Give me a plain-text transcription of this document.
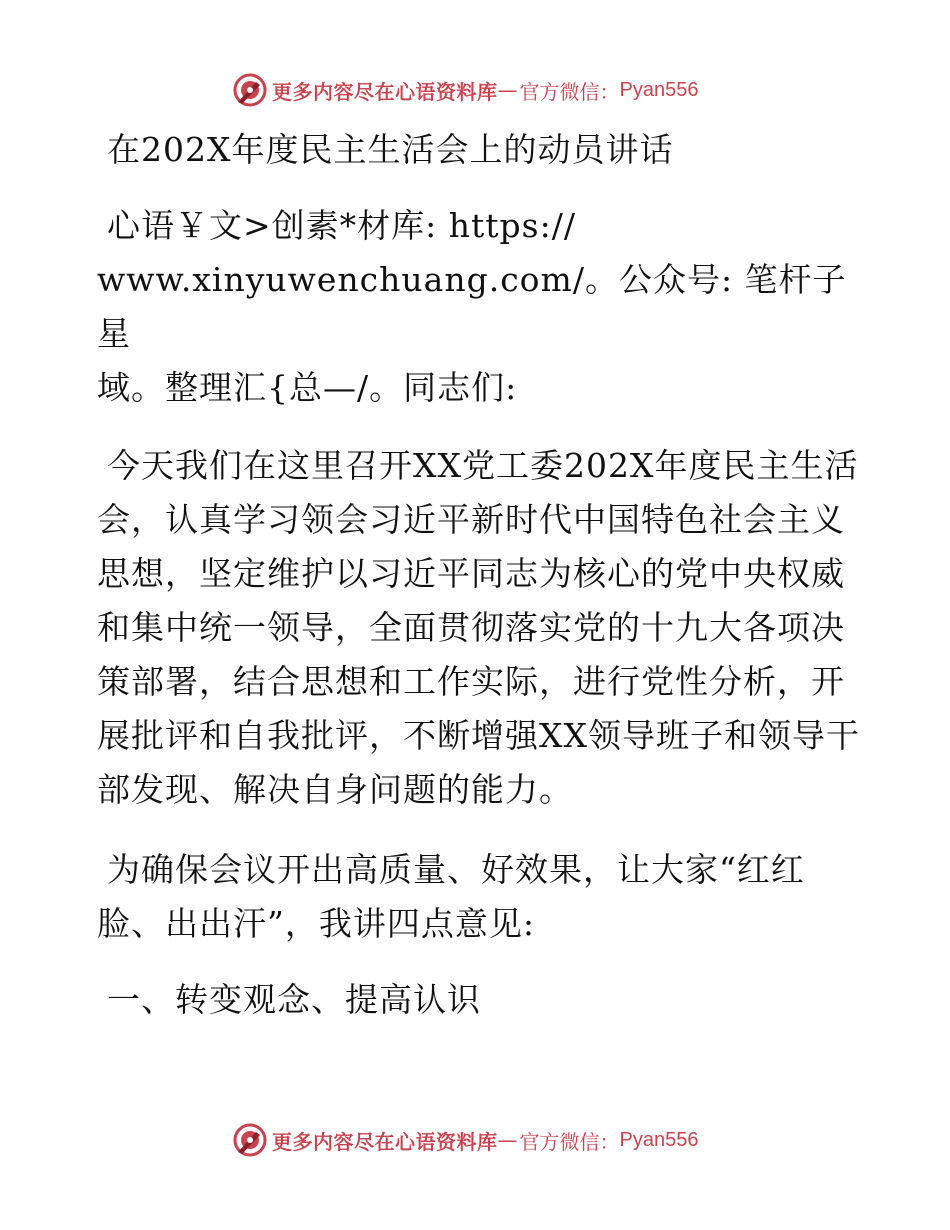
更多内容尽在心语资料库 — 官方微信 ： Pyan556

在202X年度民主生活会上的动员讲话

心语￥文>创素*材库: https://
www.xinyuwenchuang.com/。公众号: 笔杆子星
域。整理汇{总—/。同志们:

今天我们在这里召开XX党工委202X年度民主生活会，认真学习领会习近平新时代中国特色社会主义思想，坚定维护以习近平同志为核心的党中央权威和集中统一领导，全面贯彻落实党的十九大各项决策部署，结合思想和工作实际，进行党性分析，开展批评和自我批评，不断增强XX领导班子和领导干部发现、解决自身问题的能力。

为确保会议开出高质量、好效果，让大家“红红脸、出出汗”，我讲四点意见:

一、转变观念、提高认识

更多内容尽在心语资料库 — 官方微信 ： Pyan556
